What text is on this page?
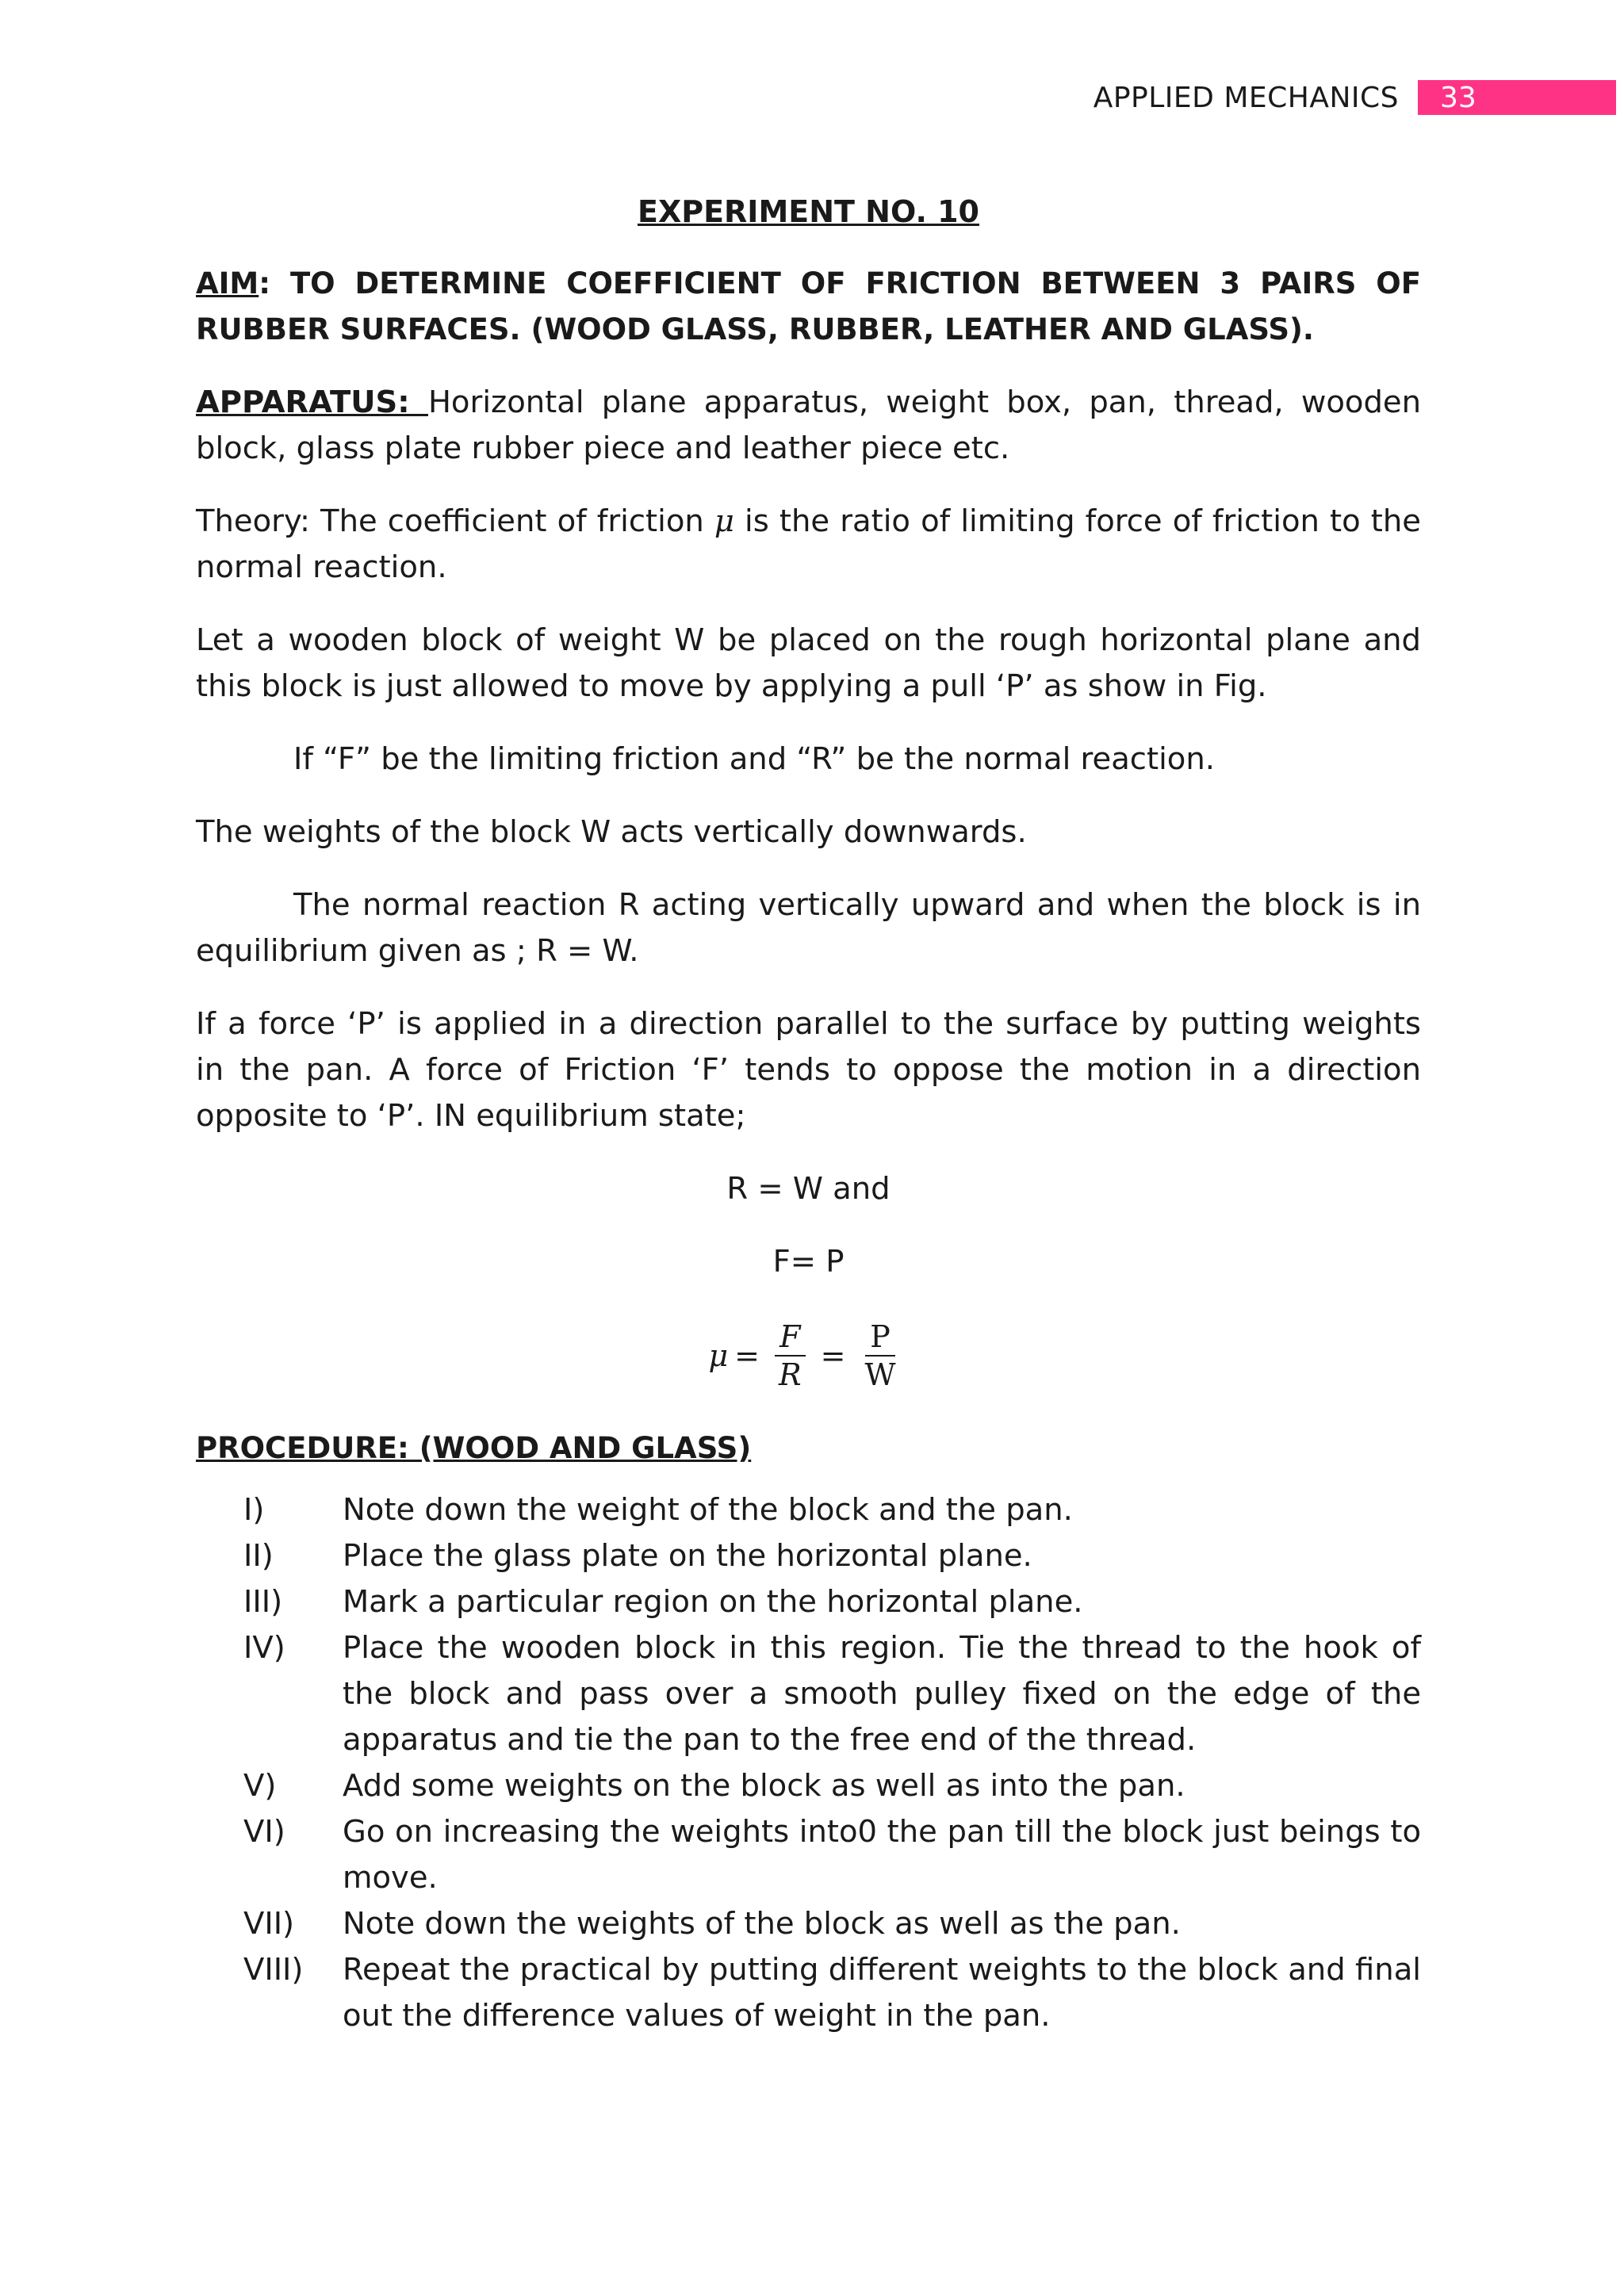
APPLIED MECHANICS	33

EXPERIMENT NO. 10

AIM: TO DETERMINE COEFFICIENT OF FRICTION BETWEEN 3 PAIRS OF RUBBER SURFACES. (WOOD GLASS, RUBBER, LEATHER AND GLASS).

APPARATUS: Horizontal plane apparatus, weight box, pan, thread, wooden block, glass plate rubber piece and leather piece etc.

Theory: The coefficient of friction μ is the ratio of limiting force of friction to the normal reaction.

Let a wooden block of weight W be placed on the rough horizontal plane and this block is just allowed to move by applying a pull ‘P’ as show in Fig.

If “F” be the limiting friction and “R” be the normal reaction.

The weights of the block W acts vertically downwards.

The normal reaction R acting vertically upward and when the block is in equilibrium given as ; R = W.

If a force ‘P’ is applied in a direction parallel to the surface by putting weights in the pan. A force of Friction ‘F’ tends to oppose the motion in a direction opposite to ‘P’. IN equilibrium state;

R = W and
F= P
$\mu = \frac{F}{R} = \frac{P}{W}$

PROCEDURE: (WOOD AND GLASS)

I)	Note down the weight of the block and the pan.
II)	Place the glass plate on the horizontal plane.
III)	Mark a particular region on the horizontal plane.
IV)	Place the wooden block in this region. Tie the thread to the hook of the block and pass over a smooth pulley fixed on the edge of the apparatus and tie the pan to the free end of the thread.
V)	Add some weights on the block as well as into the pan.
VI)	Go on increasing the weights into0 the pan till the block just beings to move.
VII)	Note down the weights of the block as well as the pan.
VIII)	Repeat the practical by putting different weights to the block and final out the difference values of weight in the pan.
